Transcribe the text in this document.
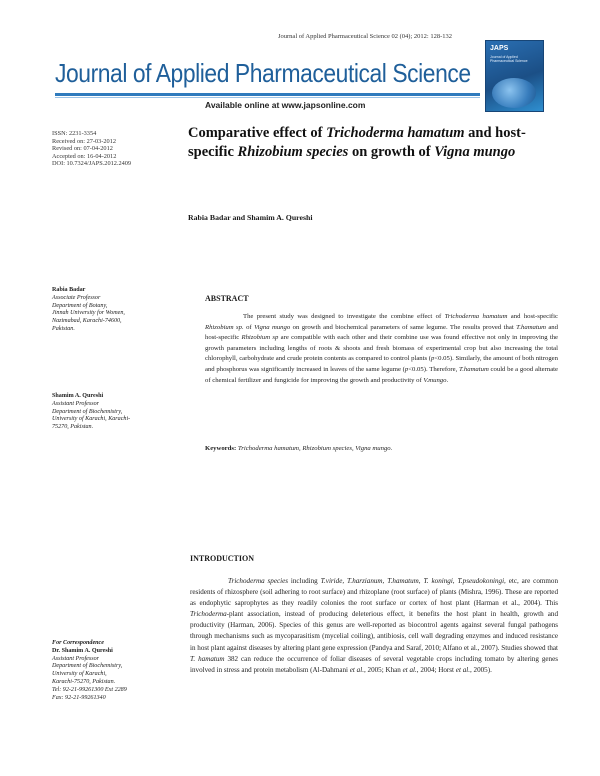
Journal of Applied Pharmaceutical Science 02 (04); 2012: 128-132
Journal of Applied Pharmaceutical Science
Available online at www.japsonline.com
JAPS
Journal of Applied Pharmaceutical Science
ISSN: 2231-3354
Received on: 27-03-2012
Revised on: 07-04-2012
Accepted on: 16-04-2012
DOI: 10.7324/JAPS.2012.2409
Comparative effect of Trichoderma hamatum and host-specific Rhizobium species on growth of Vigna mungo
Rabia Badar and Shamim A. Qureshi
Rabia Badar
Associate Professor
Department of Botany,
Jinnah University for Women,
Nazimabad, Karachi-74600,
Pakistan.
Shamim A. Qureshi
Assistant Professor
Department of Biochemistry,
University of Karachi, Karachi-
75270, Pakistan.
For Correspondence
Dr. Shamim A. Qureshi
Assistant Professor
Department of Biochemistry,
University of Karachi,
Karachi-75270, Pakistan.
Tel: 92-21-99261300 Ext 2289
Fax: 92-21-99261340
ABSTRACT
The present study was designed to investigate the combine effect of Trichoderma hamatum and host-specific Rhizobium sp. of Vigna mungo on growth and biochemical parameters of same legume. The results proved that T.hamatum and host-specific Rhizobium sp are compatible with each other and their combine use was found effective not only in improving the growth parameters including lengths of roots & shoots and fresh biomass of experimental crop but also increasing the total chlorophyll, carbohydrate and crude protein contents as compared to control plants (p<0.05). Similarly, the amount of both nitrogen and phosphorus was significantly increased in leaves of the same legume (p<0.05). Therefore, T.hamatum could be a good alternate of chemical fertilizer and fungicide for improving the growth and productivity of V.mungo.
Keywords: Trichoderma hamatum, Rhizobium species, Vigna mungo.
INTRODUCTION
Trichoderma species including T.viride, T.harzianum, T.hamatum, T. koningi, T.pseudokoningi, etc, are common residents of rhizosphere (soil adhering to root surface) and rhizoplane (root surface) of plants (Mishra, 1996). These are reported as endophytic saprophytes as they readily colonies the root surface or cortex of host plant (Harman et al., 2004). This Trichoderma-plant association, instead of producing deleterious effect, it benefits the host plant in health, growth and productivity (Harman, 2006). Species of this genus are well-reported as biocontrol agents against several fungal pathogens through mechanisms such as mycoparasitism (mycelial coiling), antibiosis, cell wall degrading enzymes and induced resistance in host plant against diseases by altering plant gene expression (Pandya and Saraf, 2010; Alfano et al., 2007). Studies showed that T. hamatum 382 can reduce the occurrence of foliar diseases of several vegetable crops including tomato by altering genes involved in stress and protein metabolism (Al-Dahmani et al., 2005; Khan et al., 2004; Horst et al., 2005).
